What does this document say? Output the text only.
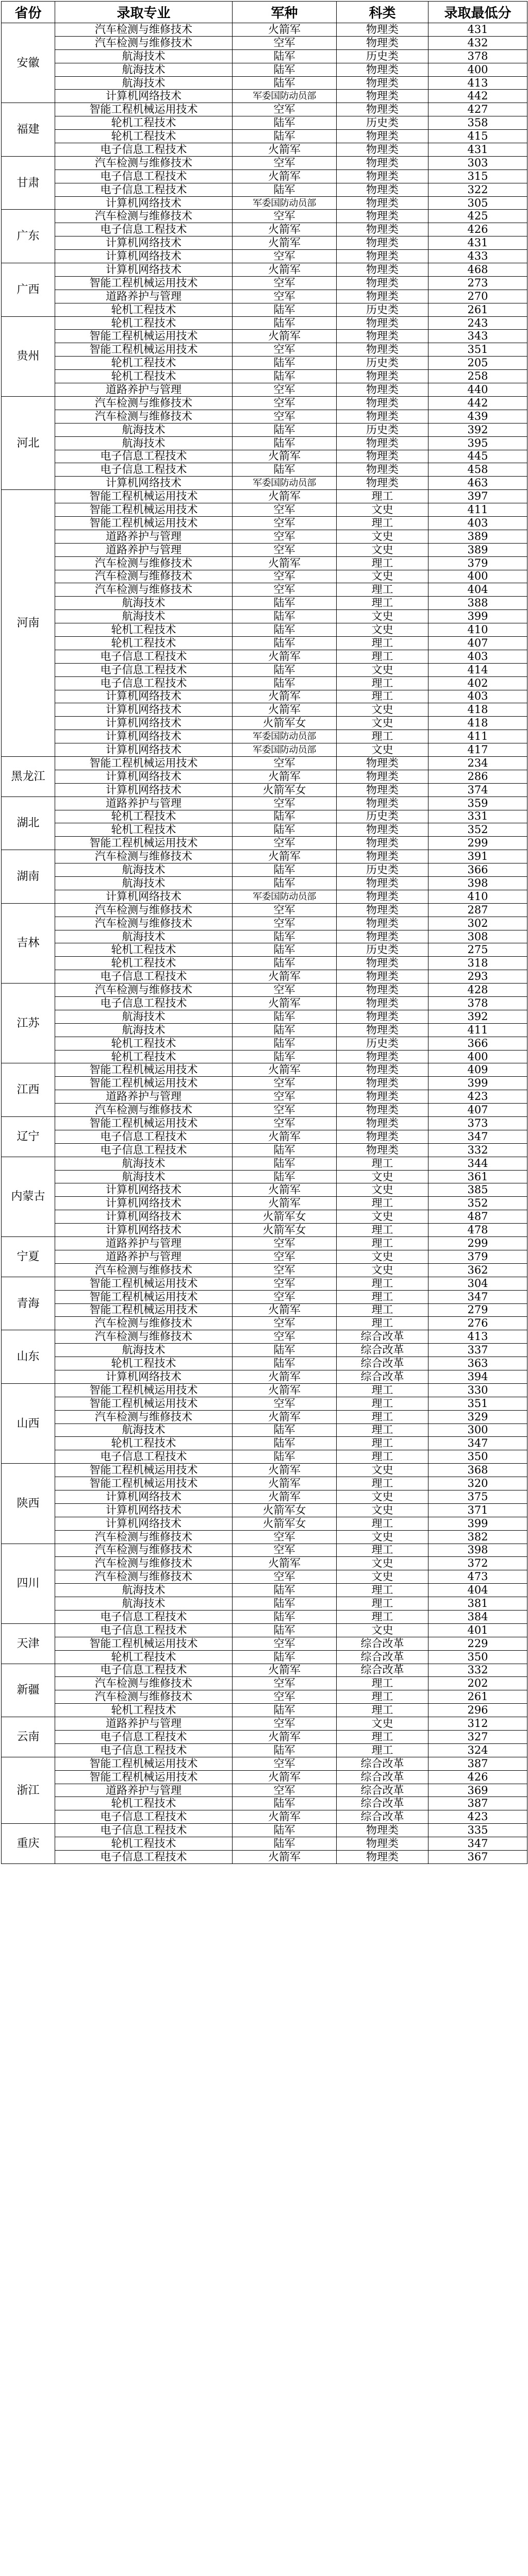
省份	录取专业	军种	科类	录取最低分
安徽	汽车检测与维修技术	火箭军	物理类	431
	汽车检测与维修技术	空军	物理类	432
	航海技术	陆军	历史类	378
	航海技术	陆军	物理类	400
	航海技术	陆军	物理类	413
	计算机网络技术	军委国防动员部	物理类	442
福建	智能工程机械运用技术	空军	物理类	427
	轮机工程技术	陆军	历史类	358
	轮机工程技术	陆军	物理类	415
	电子信息工程技术	火箭军	物理类	431
甘肃	汽车检测与维修技术	空军	物理类	303
	电子信息工程技术	火箭军	物理类	315
	电子信息工程技术	陆军	物理类	322
	计算机网络技术	军委国防动员部	物理类	305
广东	汽车检测与维修技术	空军	物理类	425
	电子信息工程技术	火箭军	物理类	426
	计算机网络技术	火箭军	物理类	431
	计算机网络技术	空军	物理类	433
广西	计算机网络技术	火箭军	物理类	468
	智能工程机械运用技术	空军	物理类	273
	道路养护与管理	空军	物理类	270
	轮机工程技术	陆军	历史类	261
贵州	轮机工程技术	陆军	物理类	243
	智能工程机械运用技术	火箭军	物理类	343
	智能工程机械运用技术	空军	物理类	351
	轮机工程技术	陆军	历史类	205
	轮机工程技术	陆军	物理类	258
	道路养护与管理	空军	物理类	440
河北	汽车检测与维修技术	空军	物理类	442
	汽车检测与维修技术	空军	物理类	439
	航海技术	陆军	历史类	392
	航海技术	陆军	物理类	395
	电子信息工程技术	火箭军	物理类	445
	电子信息工程技术	陆军	物理类	458
	计算机网络技术	军委国防动员部	物理类	463
河南	智能工程机械运用技术	火箭军	理工	397
	智能工程机械运用技术	空军	文史	411
	智能工程机械运用技术	空军	理工	403
	道路养护与管理	空军	文史	389
	道路养护与管理	空军	文史	389
	汽车检测与维修技术	火箭军	理工	379
	汽车检测与维修技术	空军	文史	400
	汽车检测与维修技术	空军	理工	404
	航海技术	陆军	理工	388
	航海技术	陆军	文史	399
	轮机工程技术	陆军	文史	410
	轮机工程技术	陆军	理工	407
	电子信息工程技术	火箭军	理工	403
	电子信息工程技术	陆军	文史	414
	电子信息工程技术	陆军	理工	402
	计算机网络技术	火箭军	理工	403
	计算机网络技术	火箭军	文史	418
	计算机网络技术	火箭军女	文史	418
	计算机网络技术	军委国防动员部	理工	411
	计算机网络技术	军委国防动员部	文史	417
黑龙江	智能工程机械运用技术	空军	物理类	234
	计算机网络技术	火箭军	物理类	286
	计算机网络技术	火箭军女	物理类	374
湖北	道路养护与管理	空军	物理类	359
	轮机工程技术	陆军	历史类	331
	轮机工程技术	陆军	物理类	352
	智能工程机械运用技术	空军	物理类	299
湖南	汽车检测与维修技术	火箭军	物理类	391
	航海技术	陆军	历史类	366
	航海技术	陆军	物理类	398
	计算机网络技术	军委国防动员部	物理类	410
吉林	汽车检测与维修技术	空军	物理类	287
	汽车检测与维修技术	空军	物理类	302
	航海技术	陆军	物理类	308
	轮机工程技术	陆军	历史类	275
	轮机工程技术	陆军	物理类	318
	电子信息工程技术	火箭军	物理类	293
江苏	汽车检测与维修技术	空军	物理类	428
	电子信息工程技术	火箭军	物理类	378
	航海技术	陆军	物理类	392
	航海技术	陆军	物理类	411
	轮机工程技术	陆军	历史类	366
	轮机工程技术	陆军	物理类	400
江西	智能工程机械运用技术	火箭军	物理类	409
	智能工程机械运用技术	空军	物理类	399
	道路养护与管理	空军	物理类	423
	汽车检测与维修技术	空军	物理类	407
辽宁	智能工程机械运用技术	空军	物理类	373
	电子信息工程技术	火箭军	物理类	347
	电子信息工程技术	陆军	物理类	332
内蒙古	航海技术	陆军	理工	344
	航海技术	陆军	文史	361
	计算机网络技术	火箭军	文史	385
	计算机网络技术	火箭军	理工	352
	计算机网络技术	火箭军女	文史	487
	计算机网络技术	火箭军女	理工	478
宁夏	道路养护与管理	空军	理工	299
	道路养护与管理	空军	文史	379
	汽车检测与维修技术	空军	文史	362
青海	智能工程机械运用技术	空军	理工	304
	智能工程机械运用技术	空军	理工	347
	智能工程机械运用技术	火箭军	理工	279
	汽车检测与维修技术	空军	理工	276
山东	汽车检测与维修技术	空军	综合改革	413
	航海技术	陆军	综合改革	337
	轮机工程技术	陆军	综合改革	363
	计算机网络技术	火箭军	综合改革	394
山西	智能工程机械运用技术	火箭军	理工	330
	智能工程机械运用技术	空军	理工	351
	汽车检测与维修技术	火箭军	理工	329
	航海技术	陆军	理工	300
	轮机工程技术	陆军	理工	347
	电子信息工程技术	陆军	理工	350
陕西	智能工程机械运用技术	火箭军	文史	368
	智能工程机械运用技术	火箭军	理工	320
	计算机网络技术	火箭军	文史	375
	计算机网络技术	火箭军女	文史	371
	计算机网络技术	火箭军女	理工	399
	汽车检测与维修技术	空军	文史	382
四川	汽车检测与维修技术	空军	理工	398
	汽车检测与维修技术	火箭军	文史	372
	汽车检测与维修技术	空军	文史	473
	航海技术	陆军	理工	404
	航海技术	陆军	理工	381
	电子信息工程技术	陆军	理工	384
天津	电子信息工程技术	陆军	文史	401
	智能工程机械运用技术	空军	综合改革	229
	轮机工程技术	陆军	综合改革	350
新疆	电子信息工程技术	火箭军	综合改革	332
	汽车检测与维修技术	空军	理工	202
	汽车检测与维修技术	空军	理工	261
	轮机工程技术	陆军	理工	296
云南	道路养护与管理	空军	文史	312
	电子信息工程技术	火箭军	理工	327
	电子信息工程技术	陆军	理工	324
浙江	智能工程机械运用技术	空军	综合改革	387
	智能工程机械运用技术	火箭军	综合改革	426
	道路养护与管理	空军	综合改革	369
	轮机工程技术	陆军	综合改革	387
	电子信息工程技术	火箭军	综合改革	423
重庆	电子信息工程技术	陆军	物理类	335
	轮机工程技术	陆军	物理类	347
	电子信息工程技术	火箭军	物理类	367
